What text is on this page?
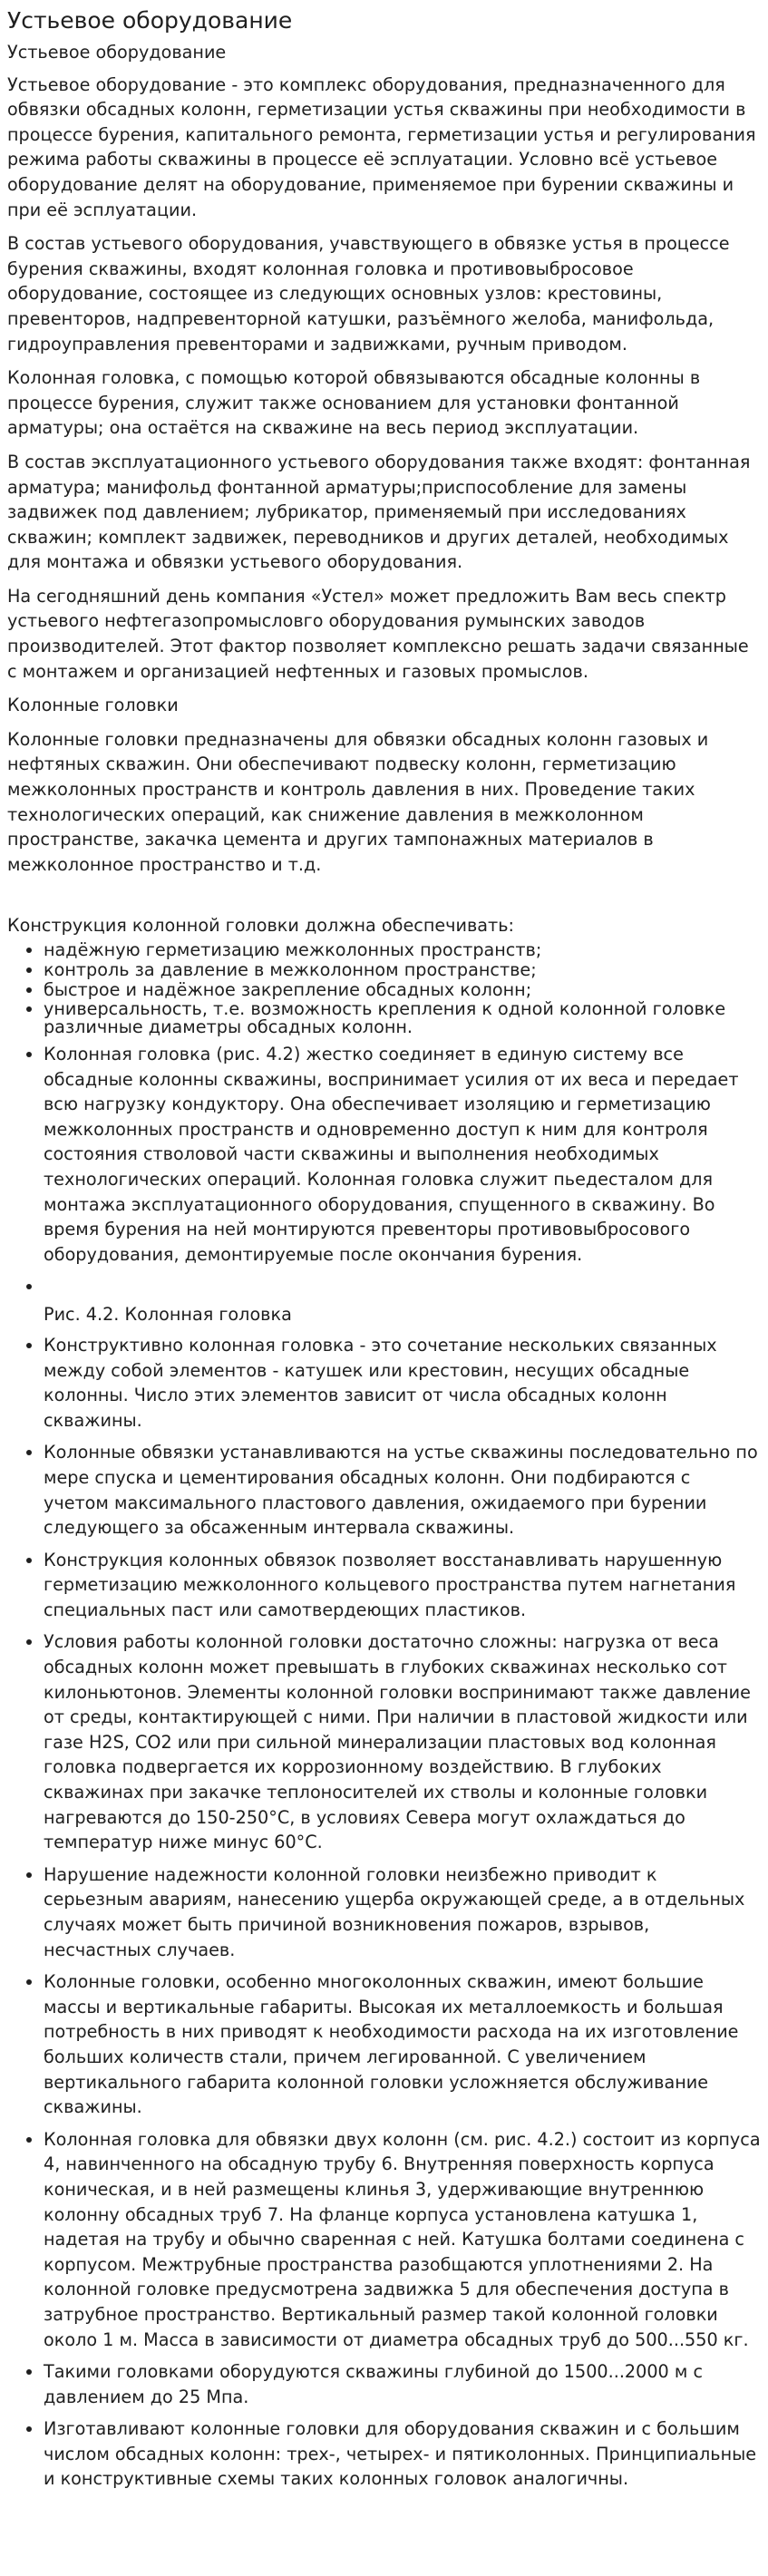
Устьевое оборудование

Устьевое оборудование

Устьевое оборудование - это комплекс оборудования, предназначенного для обвязки обсадных колонн, герметизации устья скважины при необходимости в процессе бурения, капитального ремонта, герметизации устья и регулирования режима работы скважины в процессе её эсплуатации. Условно всё устьевое оборудование делят на оборудование, применяемое при бурении скважины и при её эсплуатации.

В состав устьевого оборудования, учавствующего в обвязке устья в процессе бурения скважины, входят колонная головка и противовыбросовое оборудование, состоящее из следующих основных узлов: крестовины, превенторов, надпревенторной катушки, разъёмного желоба, манифольда, гидроуправления превенторами и задвижками, ручным приводом.

Колонная головка, с помощью которой обвязываются обсадные колонны в процессе бурения, служит также основанием для установки фонтанной арматуры; она остаётся на скважине на весь период эксплуатации.

В состав эксплуатационного устьевого оборудования также входят: фонтанная арматура; манифольд фонтанной арматуры;приспособление для замены задвижек под давлением; лубрикатор, применяемый при исследованиях скважин; комплект задвижек, переводников и других деталей, необходимых для монтажа и обвязки устьевого оборудования.

На сегодняшний день компания «Устел» может предложить Вам весь спектр устьевого нефтегазопромысловго оборудования румынских заводов производителей. Этот фактор позволяет комплексно решать задачи связанные с монтажем и организацией нефтенных и газовых промыслов.

Колонные головки

Колонные головки предназначены для обвязки обсадных колонн газовых и нефтяных скважин. Они обеспечивают подвеску колонн, герметизацию межколонных пространств и контроль давления в них. Проведение таких технологических операций, как снижение давления в межколонном пространстве, закачка цемента и других тампонажных материалов в межколонное пространство и т.д.

Конструкция колонной головки должна обеспечивать:

• надёжную герметизацию межколонных пространств;
• контроль за давление в межколонном пространстве;
• быстрое и надёжное закрепление обсадных колонн;
• универсальность, т.е. возможность крепления к одной колонной головке различные диаметры обсадных колонн.
• Колонная головка (рис. 4.2) жестко соединяет в единую систему все обсадные колонны скважины, воспринимает усилия от их веса и передает всю нагрузку кондуктору. Она обеспечивает изоляцию и герметизацию межколонных пространств и одновременно доступ к ним для контроля состояния стволовой части скважины и выполнения необходимых технологических операций. Колонная головка служит пьедесталом для монтажа эксплуатационного оборудования, спущенного в скважину. Во время бурения на ней монтируются превенторы противовыбросового оборудования, демонтируемые после окончания бурения.
•

Рис. 4.2. Колонная головка

• Конструктивно колонная головка - это сочетание нескольких связанных между собой элементов - катушек или крестовин, несущих обсадные колонны. Число этих элементов зависит от числа обсадных колонн скважины.
• Колонные обвязки устанавливаются на устье скважины последовательно по мере спуска и цементирования обсадных колонн. Они подбираются с учетом максимального пластового давления, ожидаемого при бурении следующего за обсаженным интервала скважины.
• Конструкция колонных обвязок позволяет восстанавливать нарушенную герметизацию межколонного кольцевого пространства путем нагнетания специальных паст или самотвердеющих пластиков.
• Условия работы колонной головки достаточно сложны: нагрузка от веса обсадных колонн может превышать в глубоких скважинах несколько сот килоньютонов. Элементы колонной головки воспринимают также давление от среды, контактирующей с ними. При наличии в пластовой жидкости или газе H2S, CO2 или при сильной минерализации пластовых вод колонная головка подвергается их коррозионному воздействию. В глубоких скважинах при закачке теплоносителей их стволы и колонные головки нагреваются до 150-250°С, в условиях Севера могут охлаждаться до температур ниже минус 60°С.
• Нарушение надежности колонной головки неизбежно приводит к серьезным авариям, нанесению ущерба окружающей среде, а в отдельных случаях может быть причиной возникновения пожаров, взрывов, несчастных случаев.
• Колонные головки, особенно многоколонных скважин, имеют большие массы и вертикальные габариты. Высокая их металлоемкость и большая потребность в них приводят к необходимости расхода на их изготовление больших количеств стали, причем легированной. С увеличением вертикального габарита колонной головки усложняется обслуживание скважины.
• Колонная головка для обвязки двух колонн (см. рис. 4.2.) состоит из корпуса 4, навинченного на обсадную трубу 6. Внутренняя поверхность корпуса коническая, и в ней размещены клинья 3, удерживающие внутреннюю колонну обсадных труб 7. На фланце корпуса установлена катушка 1, надетая на трубу и обычно сваренная с ней. Катушка болтами соединена с корпусом. Межтрубные пространства разобщаются уплотнениями 2. На колонной головке предусмотрена задвижка 5 для обеспечения доступа в затрубное пространство. Вертикальный размер такой колонной головки около 1 м. Масса в зависимости от диаметра обсадных труб до 500...550 кг.
• Такими головками оборудуются скважины глубиной до 1500...2000 м с давлением до 25 Мпа.
• Изготавливают колонные головки для оборудования скважин и с большим числом обсадных колонн: трех-, четырех- и пятиколонных. Принципиальные и конструктивные схемы таких колонных головок аналогичны.
